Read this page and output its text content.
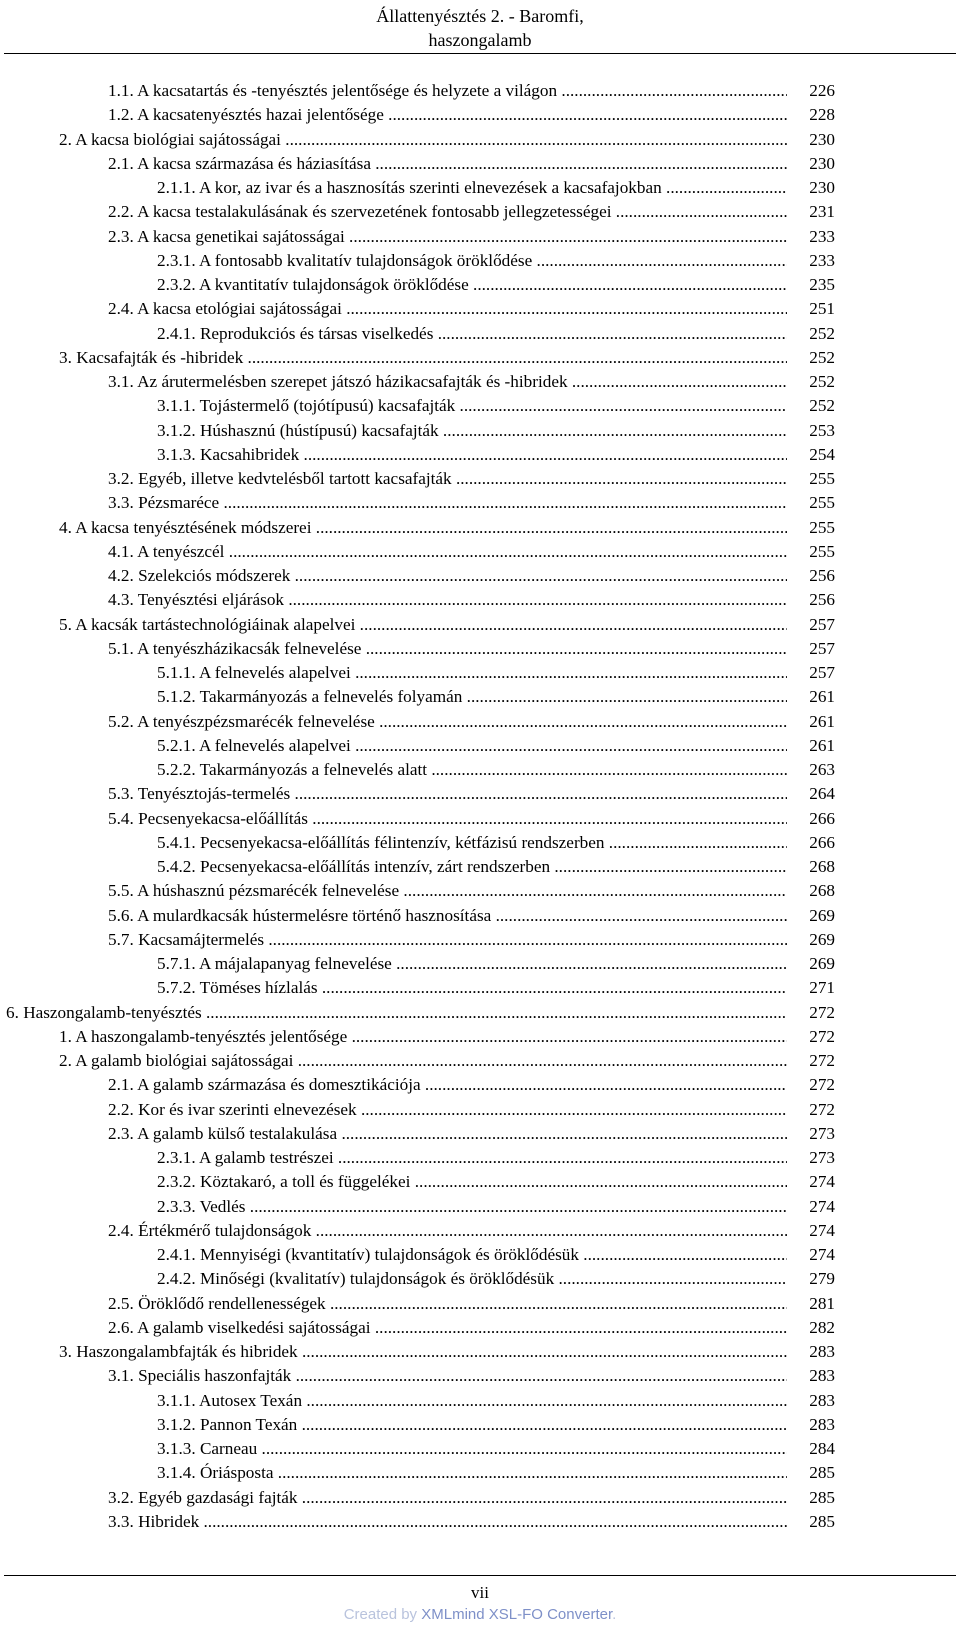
Állattenyésztés 2. - Baromfi,
haszongalamb
1.1. A kacsatartás és -tenyésztés jelentősége és helyzete a világon .....	226
1.2. A kacsatenyésztés hazai jelentősége .....	228
2. A kacsa biológiai sajátosságai .....	230
2.1. A kacsa származása és háziasítása .....	230
2.1.1. A kor, az ivar és a hasznosítás szerinti elnevezések a kacsafajokban .....	230
2.2. A kacsa testalakulásának és szervezetének fontosabb jellegzetességei .....	231
2.3. A kacsa genetikai sajátosságai .....	233
2.3.1. A fontosabb kvalitatív tulajdonságok öröklődése .....	233
2.3.2. A kvantitatív tulajdonságok öröklődése .....	235
2.4. A kacsa etológiai sajátosságai .....	251
2.4.1. Reprodukciós és társas viselkedés .....	252
3. Kacsafajták és -hibridek .....	252
3.1. Az árutermelésben szerepet játszó házikacsafajták és -hibridek .....	252
3.1.1. Tojástermelő (tojótípusú) kacsafajták .....	252
3.1.2. Húshasznú (hústípusú) kacsafajták .....	253
3.1.3. Kacsahibridek .....	254
3.2. Egyéb, illetve kedvtelésből tartott kacsafajták .....	255
3.3. Pézsmarécе .....	255
4. A kacsa tenyésztésének módszerei .....	255
4.1. A tenyészcél .....	255
4.2. Szelekciós módszerek .....	256
4.3. Tenyésztési eljárások .....	256
5. A kacsák tartástechnológiáinak alapelvei .....	257
5.1. A tenyészházikacsák felnevelése .....	257
5.1.1. A felnevelés alapelvei .....	257
5.1.2. Takarmányozás a felnevelés folyamán .....	261
5.2. A tenyészpézsmarécék felnevelése .....	261
5.2.1. A felnevelés alapelvei .....	261
5.2.2. Takarmányozás a felnevelés alatt .....	263
5.3. Tenyésztojás-termelés .....	264
5.4. Pecsenyekacsa-előállítás .....	266
5.4.1. Pecsenyekacsa-előállítás félintenzív, kétfázisú rendszerben .....	266
5.4.2. Pecsenyekacsa-előállítás intenzív, zárt rendszerben .....	268
5.5. A húshasznú pézsmarécék felnevelése .....	268
5.6. A mulardkacsák hústermelésre történő hasznosítása .....	269
5.7. Kacsamájtermelés .....	269
5.7.1. A májalapanyag felnevelése .....	269
5.7.2. Töméses hízlalás .....	271
6. Haszongalamb-tenyésztés .....	272
1. A haszongalamb-tenyésztés jelentősége .....	272
2. A galamb biológiai sajátosságai .....	272
2.1. A galamb származása és domesztikációja .....	272
2.2. Kor és ivar szerinti elnevezések .....	272
2.3. A galamb külső testalakulása .....	273
2.3.1. A galamb testrészei .....	273
2.3.2. Köztakaró, a toll és függelékei .....	274
2.3.3. Vedlés .....	274
2.4. Értékmérő tulajdonságok .....	274
2.4.1. Mennyiségi (kvantitatív) tulajdonságok és öröklődésük .....	274
2.4.2. Minőségi (kvalitatív) tulajdonságok és öröklődésük .....	279
2.5. Öröklődő rendellenességek .....	281
2.6. A galamb viselkedési sajátosságai .....	282
3. Haszongalambfajták és hibridek .....	283
3.1. Speciális haszonfajták .....	283
3.1.1. Autosex Texán .....	283
3.1.2. Pannon Texán .....	283
3.1.3. Carneau .....	284
3.1.4. Óriásposta .....	285
3.2. Egyéb gazdasági fajták .....	285
3.3. Hibridek .....	285
vii
Created by XMLmind XSL-FO Converter.
